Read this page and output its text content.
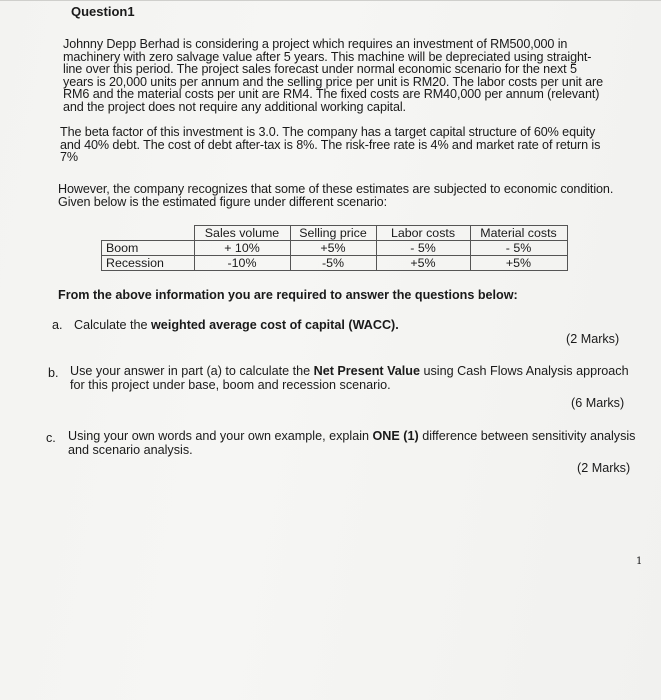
Question1

Johnny Depp Berhad is considering a project which requires an investment of RM500,000 in machinery with zero salvage value after 5 years. This machine will be depreciated using straight-line over this period. The project sales forecast under normal economic scenario for the next 5 years is 20,000 units per annum and the selling price per unit is RM20. The labor costs per unit are RM6 and the material costs per unit are RM4. The fixed costs are RM40,000 per annum (relevant) and the project does not require any additional working capital.

The beta factor of this investment is 3.0. The company has a target capital structure of 60% equity and 40% debt. The cost of debt after-tax is 8%. The risk-free rate is 4% and market rate of return is 7%

However, the company recognizes that some of these estimates are subjected to economic condition. Given below is the estimated figure under different scenario:

	Sales volume	Selling price	Labor costs	Material costs
Boom	+ 10%	+5%	- 5%	- 5%
Recession	-10%	-5%	+5%	+5%

From the above information you are required to answer the questions below:

a. Calculate the weighted average cost of capital (WACC).

(2 Marks)
b. Use your answer in part (a) to calculate the Net Present Value using Cash Flows Analysis approach for this project under base, boom and recession scenario.

(6 Marks)
c. Using your own words and your own example, explain ONE (1) difference between sensitivity analysis and scenario analysis.

(2 Marks)
1
